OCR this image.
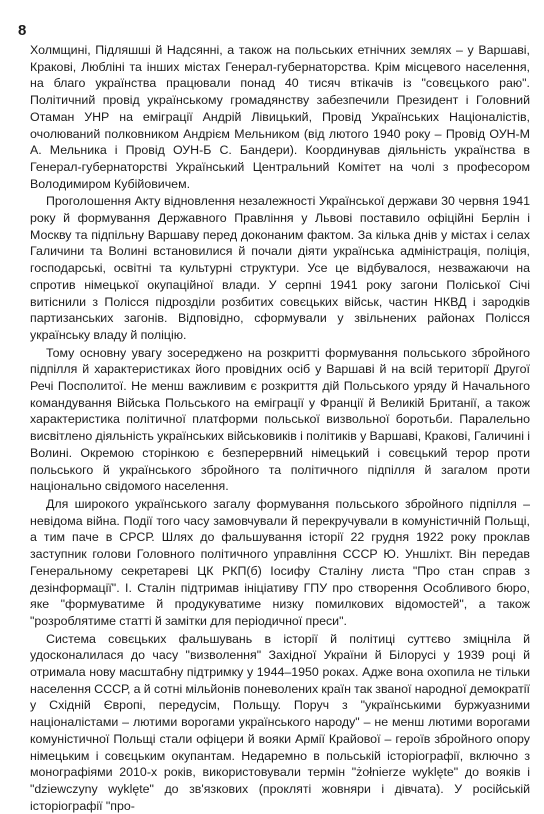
8

Холмщині, Підляшші й Надсянні, а також на польських етнічних землях – у Варшаві, Кракові, Любліні та інших містах Генерал-губернаторства. Крім місцевого населення, на благо українства працювали понад 40 тисяч втікачів із "совєцького раю". Політичний провід українському громадянству забезпечили Президент і Головний Отаман УНР на еміграції Андрій Лівицький, Провід Українських Націоналістів, очолюваний полковником Андрієм Мельником (від лютого 1940 року – Провід ОУН-М А. Мельника і Провід ОУН-Б С. Бандери). Координував діяльність українства в Генерал-губернаторстві Український Центральний Комітет на чолі з професором Володимиром Кубійовичем.

Проголошення Акту відновлення незалежності Української держави 30 червня 1941 року й формування Державного Правління у Львові поставило офіційні Берлін і Москву та підпільну Варшаву перед доконаним фактом. За кілька днів у містах і селах Галичини та Волині встановилися й почали діяти українська адміністрація, поліція, господарські, освітні та культурні структури. Усе це відбувалося, незважаючи на спротив німецької окупаційної влади. У серпні 1941 року загони Поліської Січі витіснили з Полісся підрозділи розбитих совєцьких військ, частин НКВД і зародків партизанських загонів. Відповідно, сформували у звільнених районах Полісся українську владу й поліцію.

Тому основну увагу зосереджено на розкритті формування польського збройного підпілля й характеристиках його провідних осіб у Варшаві й на всій території Другої Речі Посполитої. Не менш важливим є розкриття дій Польського уряду й Начального командування Війська Польського на еміграції у Франції й Великій Британії, а також характеристика політичної платформи польської визвольної боротьби. Паралельно висвітлено діяльність українських військовиків і політиків у Варшаві, Кракові, Галичині і Волині. Окремою сторінкою є безперервний німецький і совєцький терор проти польського й українського збройного та політичного підпілля й загалом проти національно свідомого населення.

Для широкого українського загалу формування польського збройного підпілля – невідома війна. Події того часу замовчували й перекручували в комуністичній Польщі, а тим паче в СРСР. Шлях до фальшування історії 22 грудня 1922 року проклав заступник голови Головного політичного управління СССР Ю. Уншліхт. Він передав Генеральному секретареві ЦК РКП(б) Іосифу Сталіну листа "Про стан справ з дезінформації". І. Сталін підтримав ініціативу ГПУ про створення Особливого бюро, яке "формуватиме й продукуватиме низку помилкових відомостей", а також "розроблятиме статті й замітки для періодичної преси".

Система совєцьких фальшувань в історії й політиці суттєво зміцніла й удосконалилася до часу "визволення" Західної України й Білорусі у 1939 році й отримала нову масштабну підтримку у 1944–1950 роках. Адже вона охопила не тільки населення СССР, а й сотні мільйонів поневолених країн так званої народної демократії у Східній Європі, передусім, Польщу. Поруч з "українськими буржуазними націоналістами – лютими ворогами українського народу" – не менш лютими ворогами комуністичної Польщі стали офіцери й вояки Армії Крайової – героїв збройного опору німецьким і совєцьким окупантам. Недаремно в польській історіографії, включно з монографіями 2010-х років, використовували термін "żołnierze wyklęte" до вояків і "dziewczyny wyklęte" до зв'язкових (прокляті жовняри і дівчата). У російській історіографії "про-
